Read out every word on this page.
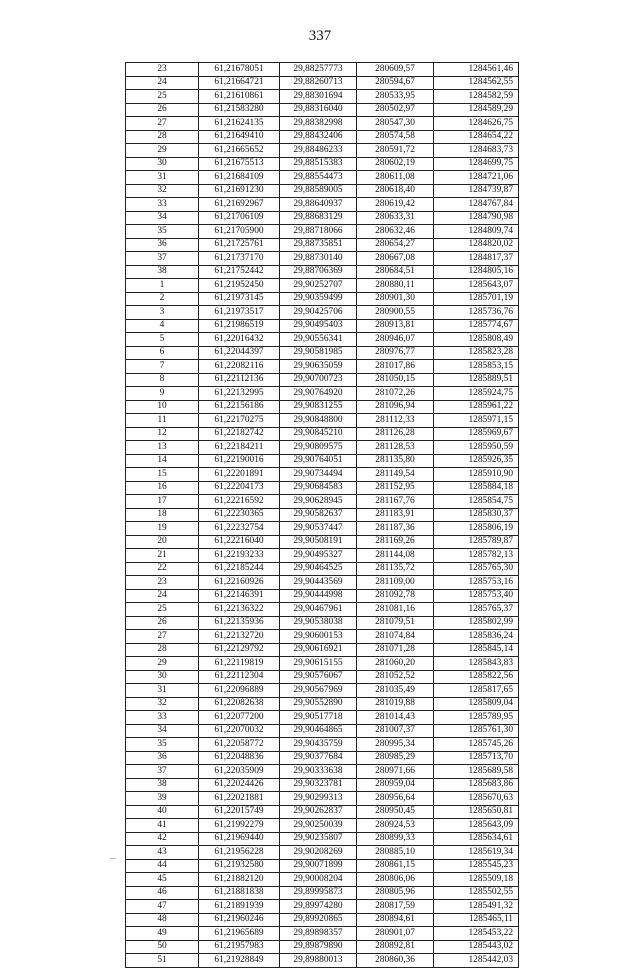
337
23	61,21678051	29,88257773	280609,57	1284561,46
24	61,21664721	29,88260713	280594,67	1284562,55
25	61,21610861	29,88301694	280533,95	1284582,59
26	61,21583280	29,88316040	280502,97	1284589,29
27	61,21624135	29,88382998	280547,30	1284626,75
28	61,21649410	29,88432406	280574,58	1284654,22
29	61,21665652	29,88486233	280591,72	1284683,73
30	61,21675513	29,88515383	280602,19	1284699,75
31	61,21684109	29,88554473	280611,08	1284721,06
32	61,21691230	29,88589005	280618,40	1284739,87
33	61,21692967	29,88640937	280619,42	1284767,84
34	61,21706109	29,88683129	280633,31	1284790,98
35	61,21705900	29,88718066	280632,46	1284809,74
36	61,21725761	29,88735851	280654,27	1284820,02
37	61,21737170	29,88730140	280667,08	1284817,37
38	61,21752442	29,88706369	280684,51	1284805,16
1	61,21952450	29,90252707	280880,11	1285643,07
2	61,21973145	29,90359499	280901,30	1285701,19
3	61,21973517	29,90425706	280900,55	1285736,76
4	61,21986519	29,90495403	280913,81	1285774,67
5	61,22016432	29,90556341	280946,07	1285808,49
6	61,22044397	29,90581985	280976,77	1285823,28
7	61,22082116	29,90635059	281017,86	1285853,15
8	61,22112136	29,90700723	281050,15	1285889,51
9	61,22132995	29,90764920	281072,26	1285924,75
10	61,22156186	29,90831255	281096,94	1285961,22
11	61,22170275	29,90848800	281112,33	1285971,15
12	61,22182742	29,90845210	281126,28	1285969,67
13	61,22184211	29,90809575	281128,53	1285950,59
14	61,22190016	29,90764051	281135,80	1285926,35
15	61,22201891	29,90734494	281149,54	1285910,90
16	61,22204173	29,90684583	281152,95	1285884,18
17	61,22216592	29,90628945	281167,76	1285854,75
18	61,22230365	29,90582637	281183,91	1285830,37
19	61,22232754	29,90537447	281187,36	1285806,19
20	61,22216040	29,90508191	281169,26	1285789,87
21	61,22193233	29,90495327	281144,08	1285782,13
22	61,22185244	29,90464525	281135,72	1285765,30
23	61,22160926	29,90443569	281109,00	1285753,16
24	61,22146391	29,90444998	281092,78	1285753,40
25	61,22136322	29,90467961	281081,16	1285765,37
26	61,22135936	29,90538038	281079,51	1285802,99
27	61,22132720	29,90600153	281074,84	1285836,24
28	61,22129792	29,90616921	281071,28	1285845,14
29	61,22119819	29,90615155	281060,20	1285843,83
30	61,22112304	29,90576067	281052,52	1285822,56
31	61,22096889	29,90567969	281035,49	1285817,65
32	61,22082638	29,90552890	281019,88	1285809,04
33	61,22077200	29,90517718	281014,43	1285789,95
34	61,22070032	29,90464865	281007,37	1285761,30
35	61,22058772	29,90435759	280995,34	1285745,26
36	61,22048836	29,90377684	280985,29	1285713,70
37	61,22035909	29,90333638	280971,66	1285689,58
38	61,22024426	29,90323781	280959,04	1285683,86
39	61,22021881	29,90299313	280956,64	1285670,63
40	61,22015749	29,90262837	280950,45	1285650,81
41	61,21992279	29,90250039	280924,53	1285643,09
42	61,21969440	29,90235807	280899,33	1285634,61
43	61,21956228	29,90208269	280885,10	1285619,34
44	61,21932580	29,90071899	280861,15	1285545,23
45	61,21882120	29,90008204	280806,06	1285509,18
46	61,21881838	29,89995873	280805,96	1285502,55
47	61,21891939	29,89974280	280817,59	1285491,32
48	61,21960246	29,89920865	280894,61	1285465,11
49	61,21965689	29,89898357	280901,07	1285453,22
50	61,21957983	29,89879890	280892,81	1285443,02
51	61,21928849	29,89880013	280860,36	1285442,03
